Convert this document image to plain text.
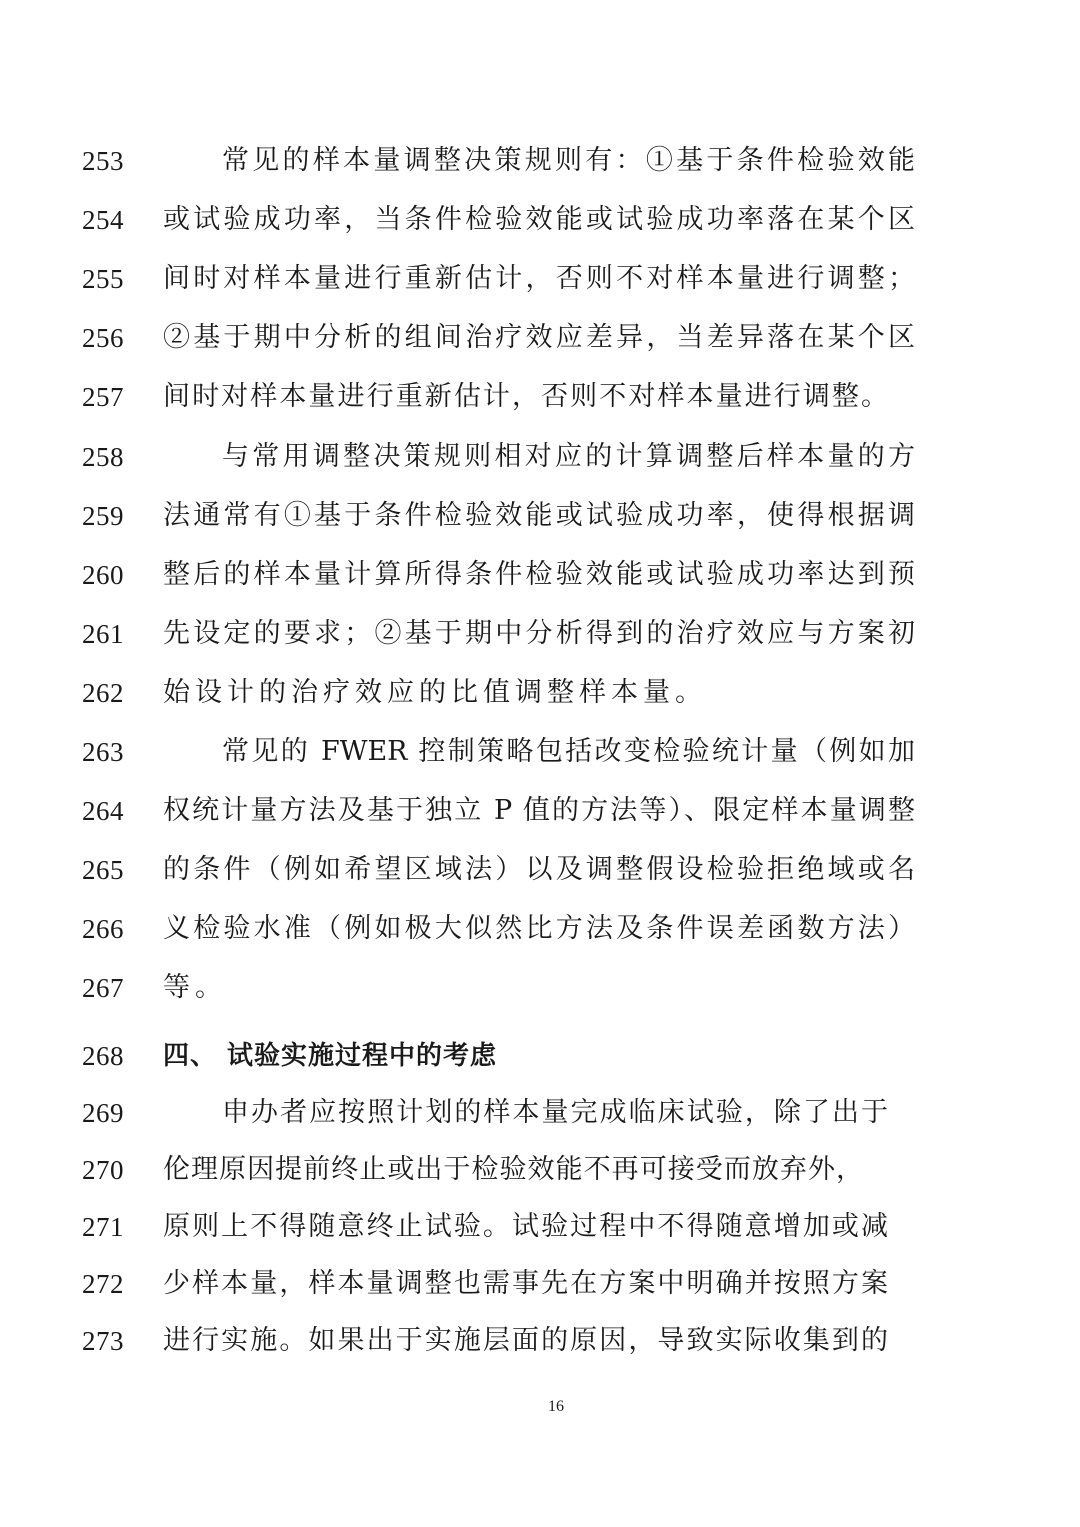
253	常见的样本量调整决策规则有：①基于条件检验效能
254	或试验成功率，当条件检验效能或试验成功率落在某个区
255	间时对样本量进行重新估计，否则不对样本量进行调整；
256	②基于期中分析的组间治疗效应差异，当差异落在某个区
257	间时对样本量进行重新估计，否则不对样本量进行调整。
258	与常用调整决策规则相对应的计算调整后样本量的方
259	法通常有①基于条件检验效能或试验成功率，使得根据调
260	整后的样本量计算所得条件检验效能或试验成功率达到预
261	先设定的要求；②基于期中分析得到的治疗效应与方案初
262	始设计的治疗效应的比值调整样本量。
263	常见的 FWER 控制策略包括改变检验统计量（例如加
264	权统计量方法及基于独立 P 值的方法等）、限定样本量调整
265	的条件（例如希望区域法）以及调整假设检验拒绝域或名
266	义检验水准（例如极大似然比方法及条件误差函数方法）
267	等。
268	四、 试验实施过程中的考虑
269	申办者应按照计划的样本量完成临床试验，除了出于
270	伦理原因提前终止或出于检验效能不再可接受而放弃外，
271	原则上不得随意终止试验。试验过程中不得随意增加或减
272	少样本量，样本量调整也需事先在方案中明确并按照方案
273	进行实施。如果出于实施层面的原因，导致实际收集到的
16
